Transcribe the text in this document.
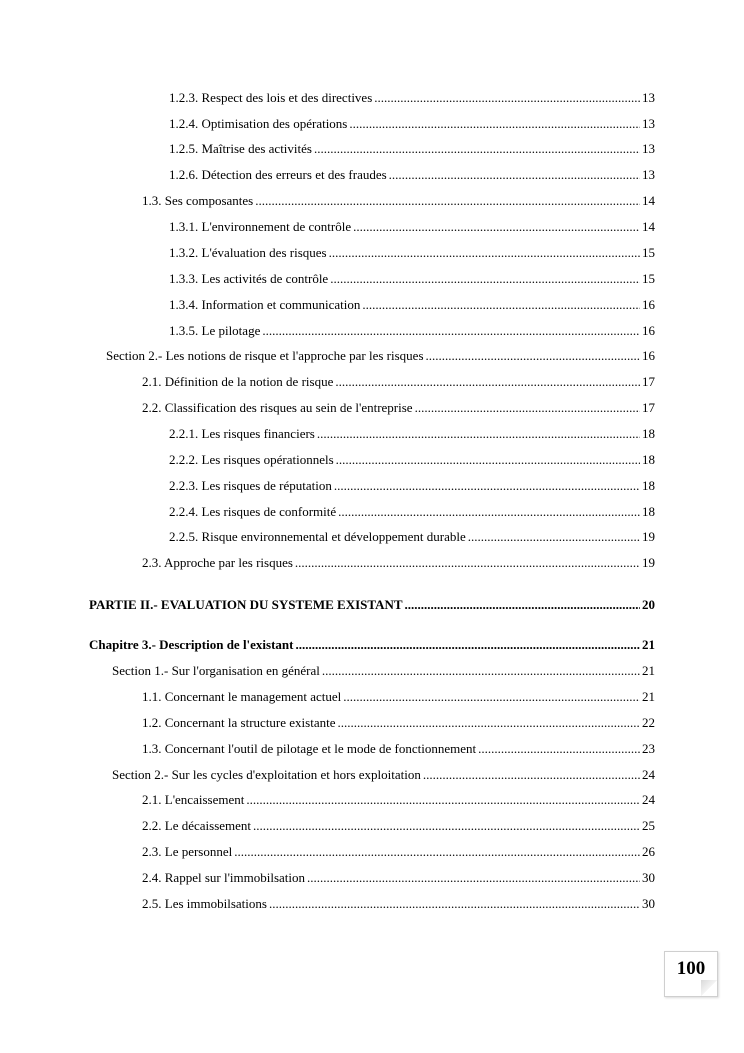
1.2.3. Respect des lois et des directives .....	13
1.2.4. Optimisation des opérations .....	13
1.2.5. Maîtrise des activités .....	13
1.2.6. Détection des erreurs et des fraudes .....	13
1.3. Ses composantes .....	14
1.3.1. L'environnement de contrôle .....	14
1.3.2. L'évaluation des risques .....	15
1.3.3. Les activités de contrôle .....	15
1.3.4. Information et communication .....	16
1.3.5. Le pilotage .....	16
Section 2.- Les notions de risque et l'approche par les risques .....	16
2.1. Définition de la notion de risque .....	17
2.2. Classification des risques au sein de l'entreprise .....	17
2.2.1. Les risques financiers .....	18
2.2.2. Les risques opérationnels .....	18
2.2.3. Les risques de réputation .....	18
2.2.4. Les risques de conformité .....	18
2.2.5. Risque environnemental et développement durable .....	19
2.3. Approche par les risques .....	19
PARTIE II.- EVALUATION DU SYSTEME EXISTANT .....	20
Chapitre 3.- Description de l'existant .....	21
Section 1.- Sur l'organisation en général .....	21
1.1. Concernant le management actuel .....	21
1.2. Concernant la structure existante .....	22
1.3. Concernant l'outil de pilotage et le mode de fonctionnement .....	23
Section 2.- Sur les cycles d'exploitation et hors exploitation .....	24
2.1. L'encaissement .....	24
2.2. Le décaissement .....	25
2.3. Le personnel .....	26
2.4. Rappel sur l'immobilsation .....	30
2.5. Les immobilsations .....	30
100
